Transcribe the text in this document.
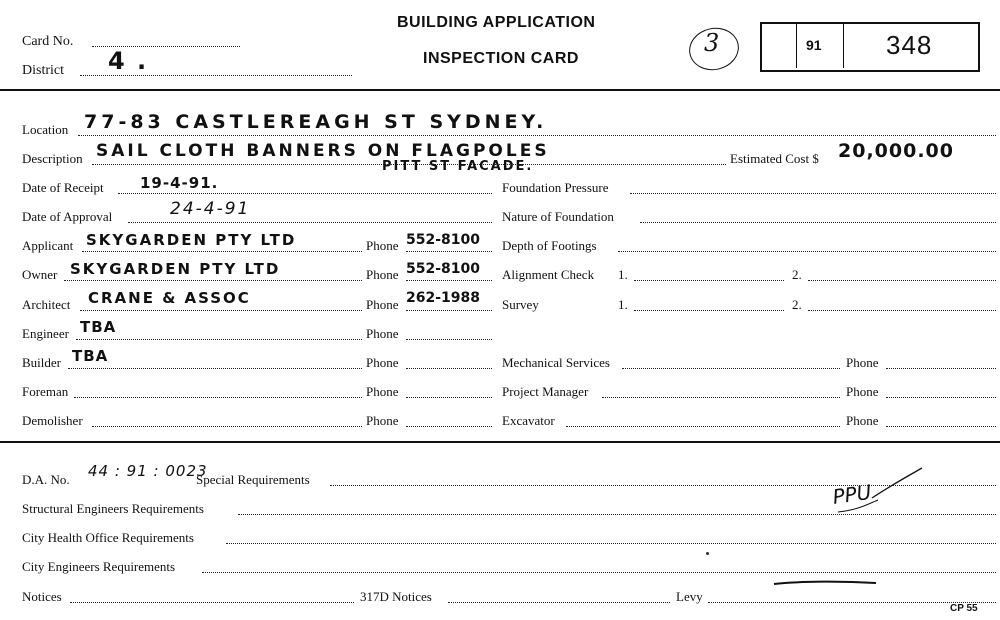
Card No.
District 4 .
BUILDING APPLICATION
INSPECTION CARD
3	91 348
Location 77-83 CASTLEREAGH ST SYDNEY.
Description SAIL CLOTH BANNERS ON FLAGPOLES
PITT ST FACADE.
Estimated Cost $ 20,000.00
Date of Receipt 19-4-91.
Date of Approval	24-4-91
Applicant SKYGARDEN PTY LTD	Phone 552-8100
Owner SKYGARDEN PTY LTD	Phone 552-8100
Architect CRANE & ASSOC	Phone 262-1988
Engineer TBA	Phone
Builder TBA	Phone
Foreman	Phone
Demolisher	Phone
Foundation Pressure
Nature of Foundation
Depth of Footings
Alignment Check 1.	2.
Survey	1.	2.
Mechanical Services	Phone
Project Manager	Phone
Excavator	Phone
D.A. No. 44 : 91 : 0023
Special Requirements
Structural Engineers Requirements
City Health Office Requirements
City Engineers Requirements
Notices	317D Notices	Levy
PPU
CP 55
